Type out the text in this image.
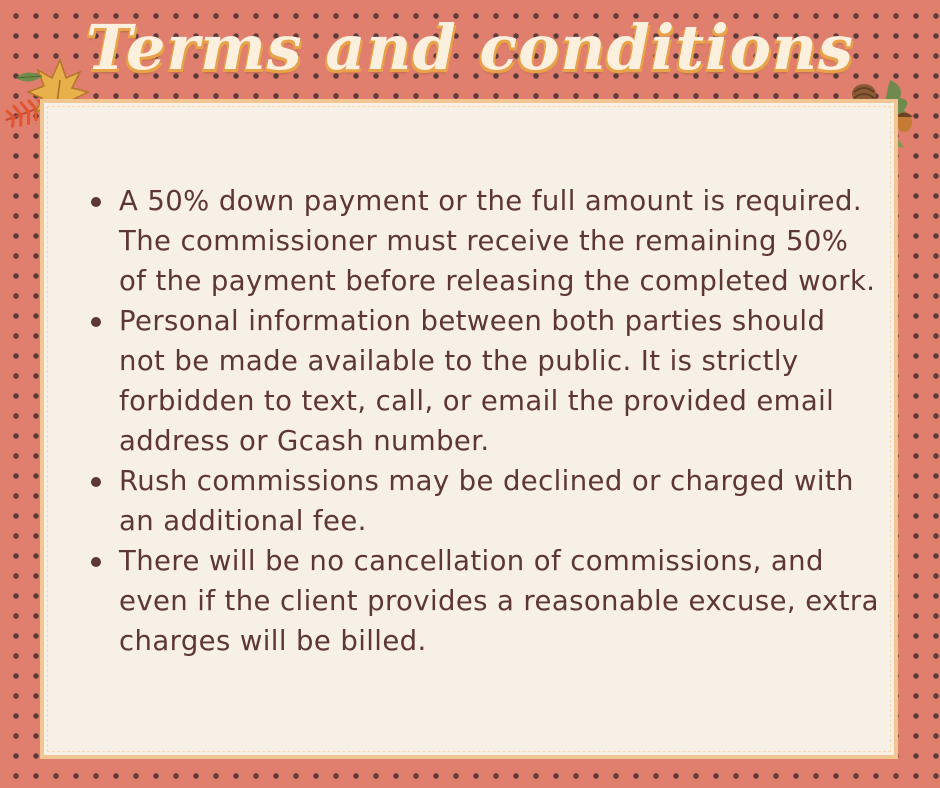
Terms and conditions
A 50% down payment or the full amount is required. The commissioner must receive the remaining 50% of the payment before releasing the completed work.
Personal information between both parties should not be made available to the public. It is strictly forbidden to text, call, or email the provided email address or Gcash number.
Rush commissions may be declined or charged with an additional fee.
There will be no cancellation of commissions, and even if the client provides a reasonable excuse, extra charges will be billed.
